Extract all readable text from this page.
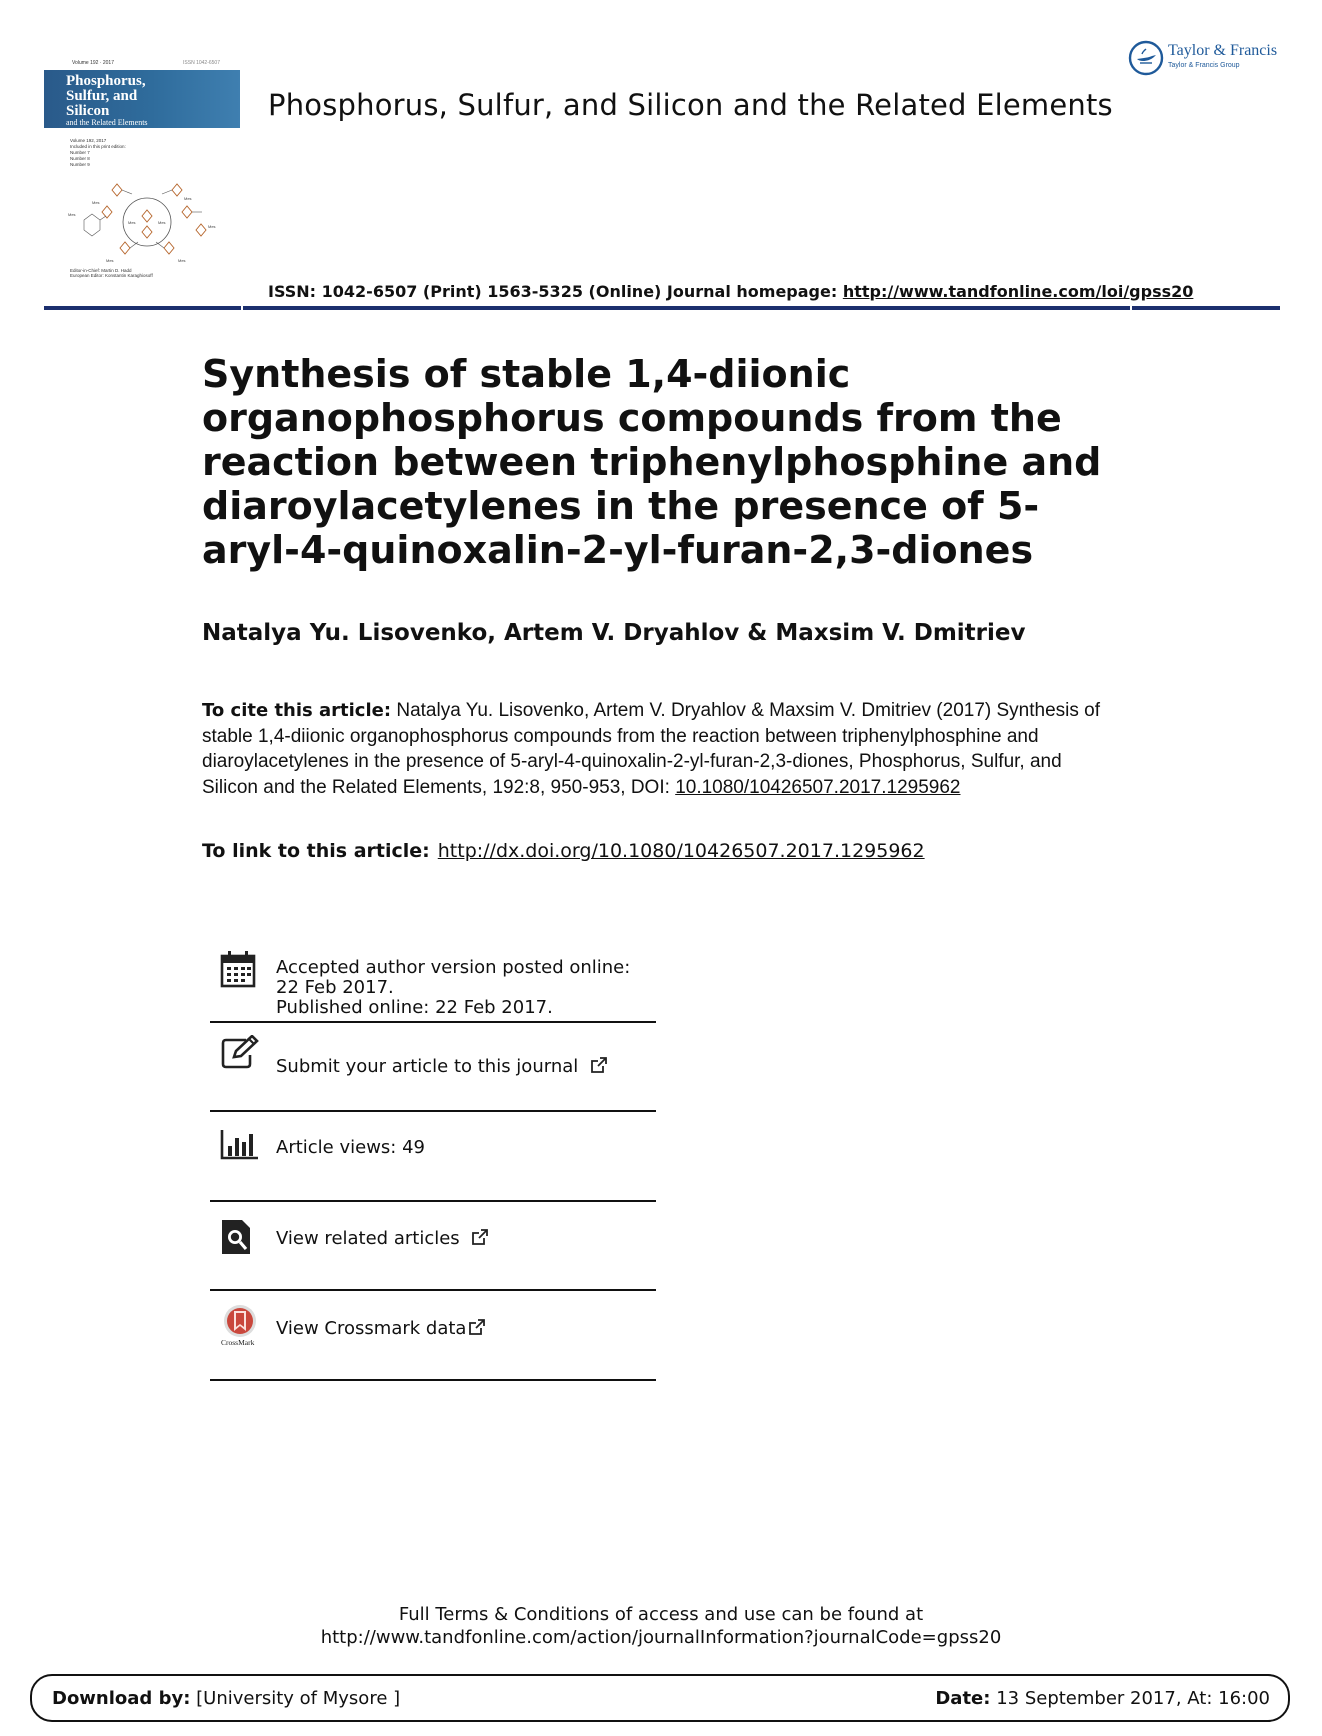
Volume 192 · 2017	ISSN 1042-6507
Phosphorus,
Sulfur, and
Silicon
and the Related Elements
Volume 192, 2017
Included in this print edition:
Number 7
Number 8
Number 9
Mes
Mes	Mes
Mes
Mes
Mes
Mes	Mes
Editor-in-Chief: Martin D. Hadd
European Editor: Konstantin Karaghiosoff
Phosphorus, Sulfur, and Silicon and the Related Elements
Taylor & Francis
Taylor & Francis Group
ISSN: 1042-6507 (Print) 1563-5325 (Online) Journal homepage: http://www.tandfonline.com/loi/gpss20
Synthesis of stable 1,4-diionic organophosphorus compounds from the reaction between triphenylphosphine and diaroylacetylenes in the presence of 5-aryl-4-quinoxalin-2-yl-furan-2,3-diones
Natalya Yu. Lisovenko, Artem V. Dryahlov & Maxsim V. Dmitriev
To cite this article: Natalya Yu. Lisovenko, Artem V. Dryahlov & Maxsim V. Dmitriev (2017) Synthesis of stable 1,4-diionic organophosphorus compounds from the reaction between triphenylphosphine and diaroylacetylenes in the presence of 5-aryl-4-quinoxalin-2-yl-furan-2,3-diones, Phosphorus, Sulfur, and Silicon and the Related Elements, 192:8, 950-953, DOI: 10.1080/10426507.2017.1295962
To link to this article: http://dx.doi.org/10.1080/10426507.2017.1295962
Accepted author version posted online: 22 Feb 2017.
Published online: 22 Feb 2017.
Submit your article to this journal
Article views: 49
View related articles
CrossMark
View Crossmark data
Full Terms & Conditions of access and use can be found at
http://www.tandfonline.com/action/journalInformation?journalCode=gpss20
Download by: [University of Mysore ]	Date: 13 September 2017, At: 16:00
